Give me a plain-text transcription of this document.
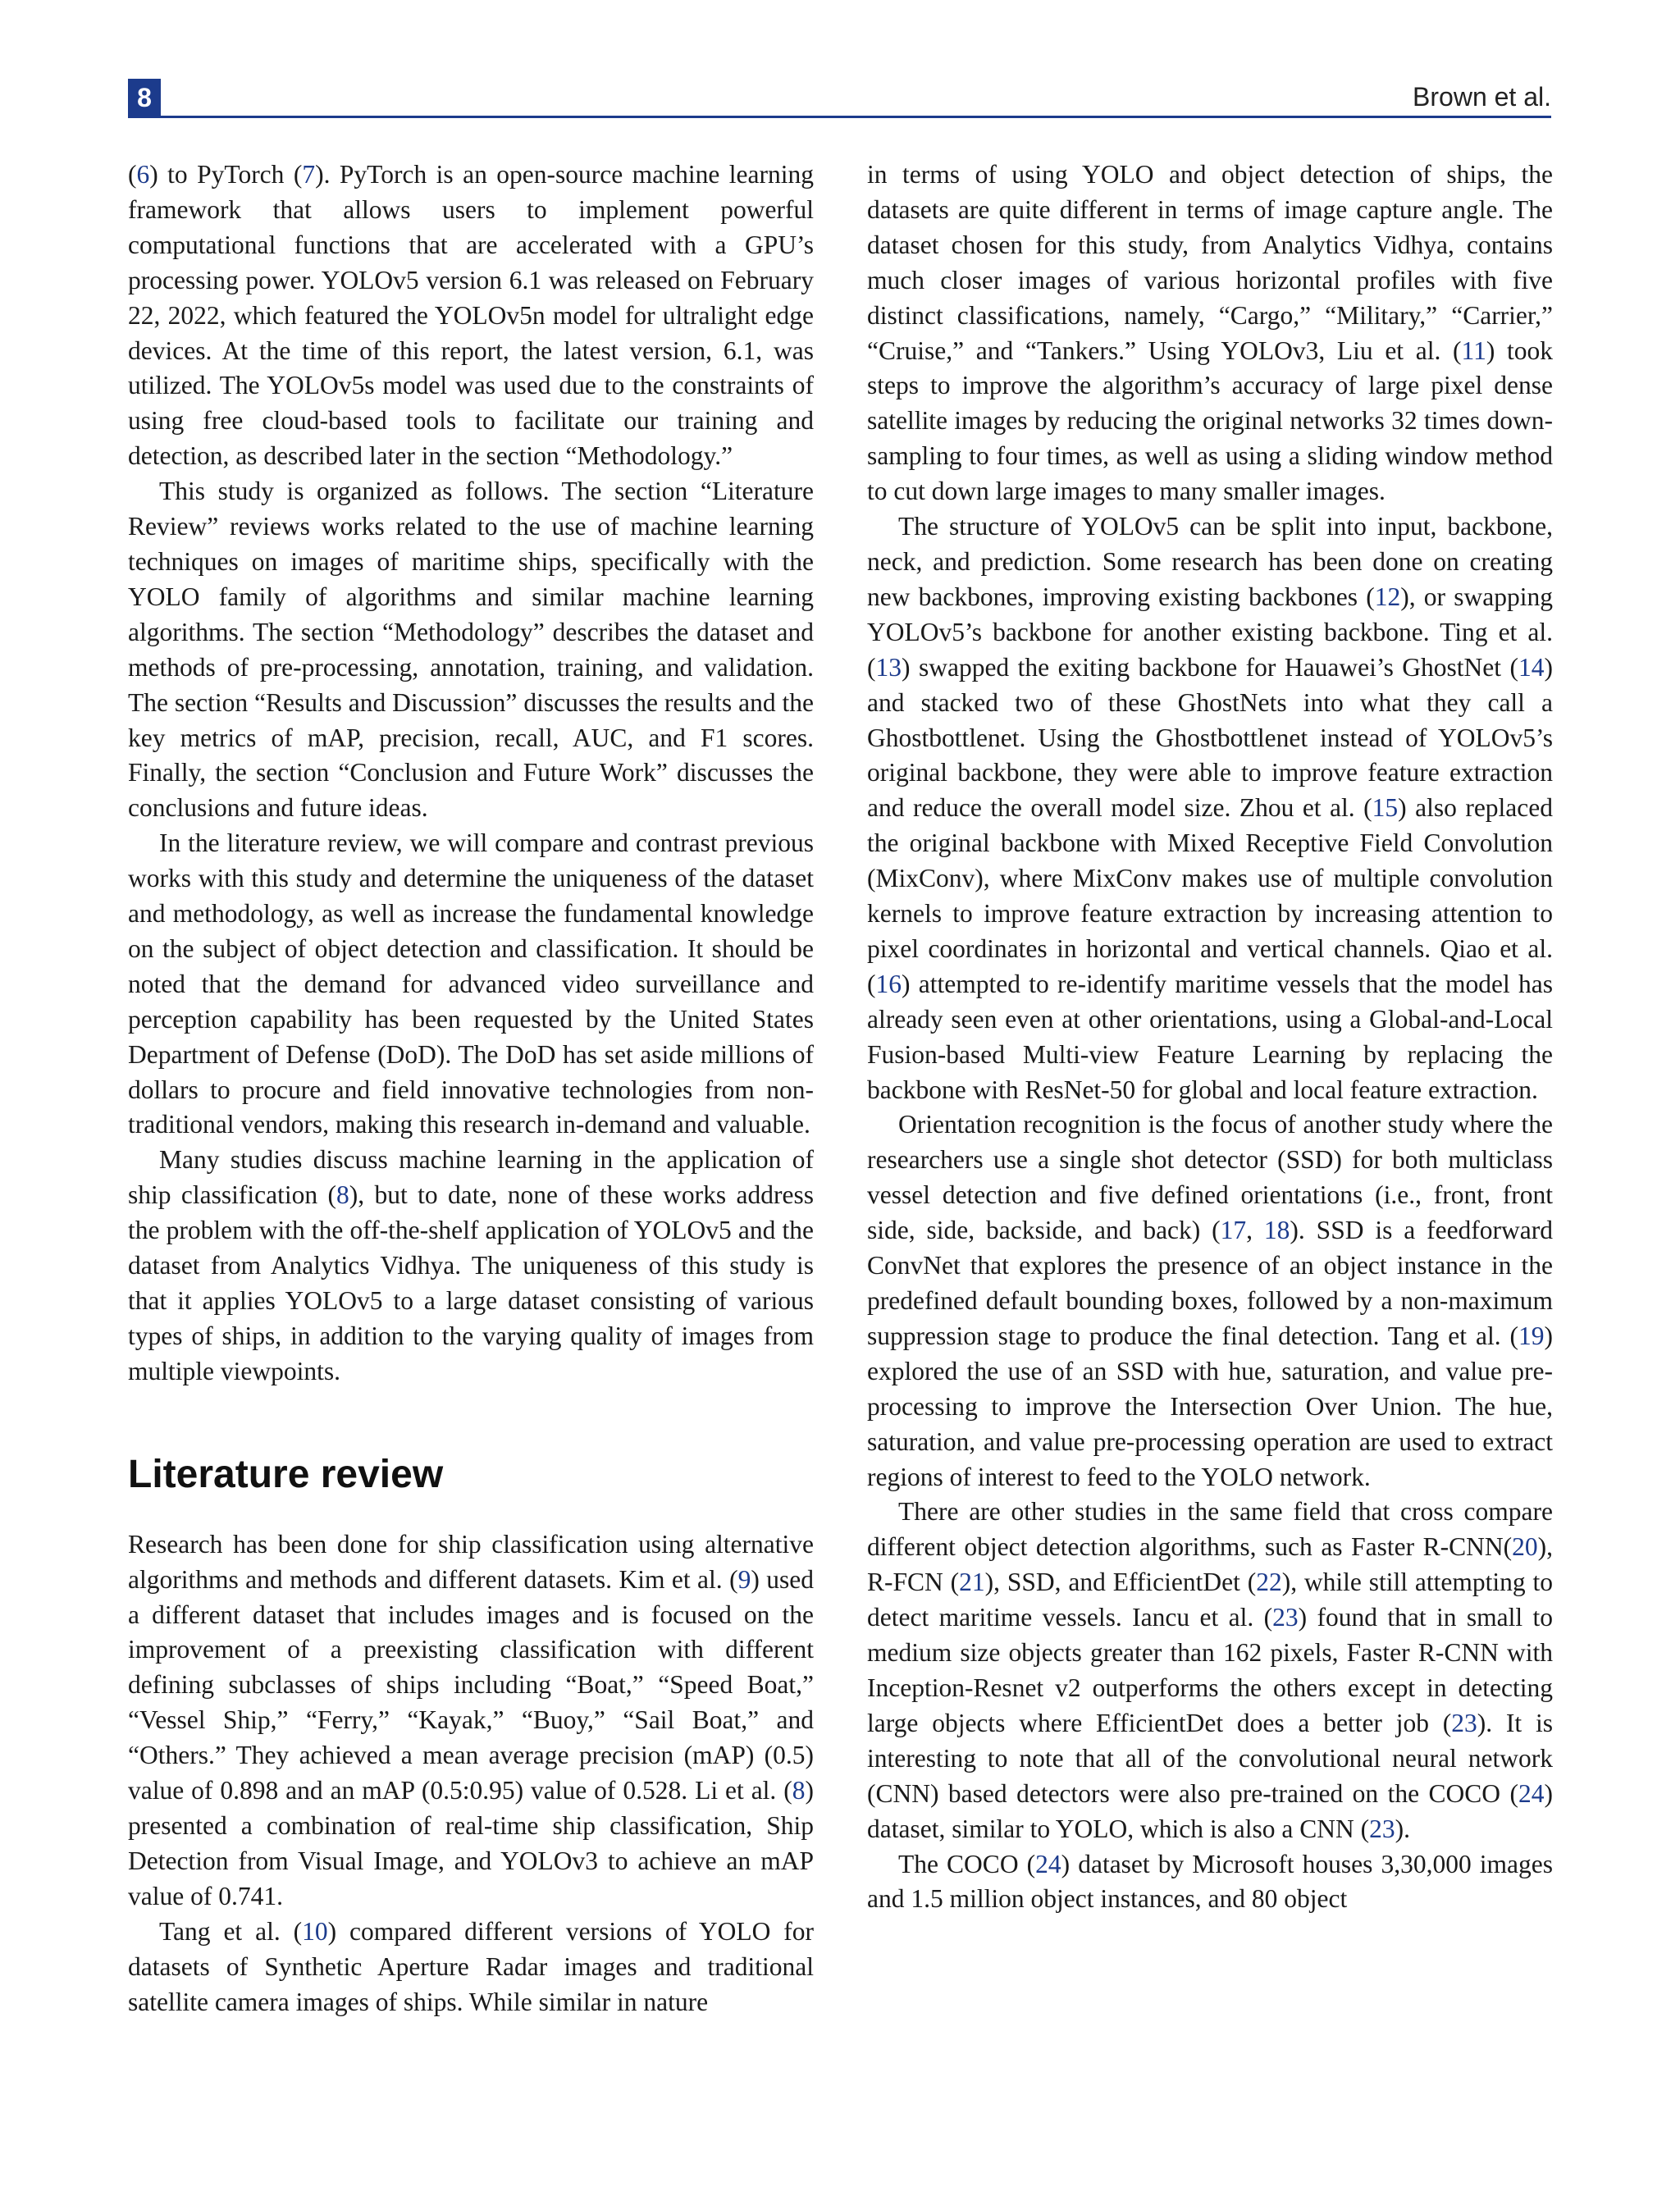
8	Brown et al.

(6) to PyTorch (7). PyTorch is an open-source machine learning framework that allows users to implement powerful computational functions that are accelerated with a GPU’s processing power. YOLOv5 version 6.1 was released on February 22, 2022, which featured the YOLOv5n model for ultralight edge devices. At the time of this report, the latest version, 6.1, was utilized. The YOLOv5s model was used due to the constraints of using free cloud-based tools to facilitate our training and detection, as described later in the section “Methodology.”

This study is organized as follows. The section “Literature Review” reviews works related to the use of machine learning techniques on images of maritime ships, specifically with the YOLO family of algorithms and similar machine learning algorithms. The section “Methodology” describes the dataset and methods of pre-processing, annotation, training, and validation. The section “Results and Discussion” discusses the results and the key metrics of mAP, precision, recall, AUC, and F1 scores. Finally, the section “Conclusion and Future Work” discusses the conclusions and future ideas.

In the literature review, we will compare and contrast previous works with this study and determine the uniqueness of the dataset and methodology, as well as increase the fundamental knowledge on the subject of object detection and classification. It should be noted that the demand for advanced video surveillance and perception capability has been requested by the United States Department of Defense (DoD). The DoD has set aside millions of dollars to procure and field innovative technologies from non-traditional vendors, making this research in-demand and valuable.

Many studies discuss machine learning in the application of ship classification (8), but to date, none of these works address the problem with the off-the-shelf application of YOLOv5 and the dataset from Analytics Vidhya. The uniqueness of this study is that it applies YOLOv5 to a large dataset consisting of various types of ships, in addition to the varying quality of images from multiple viewpoints.

Literature review

Research has been done for ship classification using alternative algorithms and methods and different datasets. Kim et al. (9) used a different dataset that includes images and is focused on the improvement of a preexisting classification with different defining subclasses of ships including “Boat,” “Speed Boat,” “Vessel Ship,” “Ferry,” “Kayak,” “Buoy,” “Sail Boat,” and “Others.” They achieved a mean average precision (mAP) (0.5) value of 0.898 and an mAP (0.5:0.95) value of 0.528. Li et al. (8) presented a combination of real-time ship classification, Ship Detection from Visual Image, and YOLOv3 to achieve an mAP value of 0.741.

Tang et al. (10) compared different versions of YOLO for datasets of Synthetic Aperture Radar images and traditional satellite camera images of ships. While similar in nature

in terms of using YOLO and object detection of ships, the datasets are quite different in terms of image capture angle. The dataset chosen for this study, from Analytics Vidhya, contains much closer images of various horizontal profiles with five distinct classifications, namely, “Cargo,” “Military,” “Carrier,” “Cruise,” and “Tankers.” Using YOLOv3, Liu et al. (11) took steps to improve the algorithm’s accuracy of large pixel dense satellite images by reducing the original networks 32 times down-sampling to four times, as well as using a sliding window method to cut down large images to many smaller images.

The structure of YOLOv5 can be split into input, backbone, neck, and prediction. Some research has been done on creating new backbones, improving existing backbones (12), or swapping YOLOv5’s backbone for another existing backbone. Ting et al. (13) swapped the exiting backbone for Hauawei’s GhostNet (14) and stacked two of these GhostNets into what they call a Ghostbottlenet. Using the Ghostbottlenet instead of YOLOv5’s original backbone, they were able to improve feature extraction and reduce the overall model size. Zhou et al. (15) also replaced the original backbone with Mixed Receptive Field Convolution (MixConv), where MixConv makes use of multiple convolution kernels to improve feature extraction by increasing attention to pixel coordinates in horizontal and vertical channels. Qiao et al. (16) attempted to re-identify maritime vessels that the model has already seen even at other orientations, using a Global-and-Local Fusion-based Multi-view Feature Learning by replacing the backbone with ResNet-50 for global and local feature extraction.

Orientation recognition is the focus of another study where the researchers use a single shot detector (SSD) for both multiclass vessel detection and five defined orientations (i.e., front, front side, side, backside, and back) (17, 18). SSD is a feedforward ConvNet that explores the presence of an object instance in the predefined default bounding boxes, followed by a non-maximum suppression stage to produce the final detection. Tang et al. (19) explored the use of an SSD with hue, saturation, and value pre-processing to improve the Intersection Over Union. The hue, saturation, and value pre-processing operation are used to extract regions of interest to feed to the YOLO network.

There are other studies in the same field that cross compare different object detection algorithms, such as Faster R-CNN(20), R-FCN (21), SSD, and EfficientDet (22), while still attempting to detect maritime vessels. Iancu et al. (23) found that in small to medium size objects greater than 162 pixels, Faster R-CNN with Inception-Resnet v2 outperforms the others except in detecting large objects where EfficientDet does a better job (23). It is interesting to note that all of the convolutional neural network (CNN) based detectors were also pre-trained on the COCO (24) dataset, similar to YOLO, which is also a CNN (23).

The COCO (24) dataset by Microsoft houses 3,30,000 images and 1.5 million object instances, and 80 object
